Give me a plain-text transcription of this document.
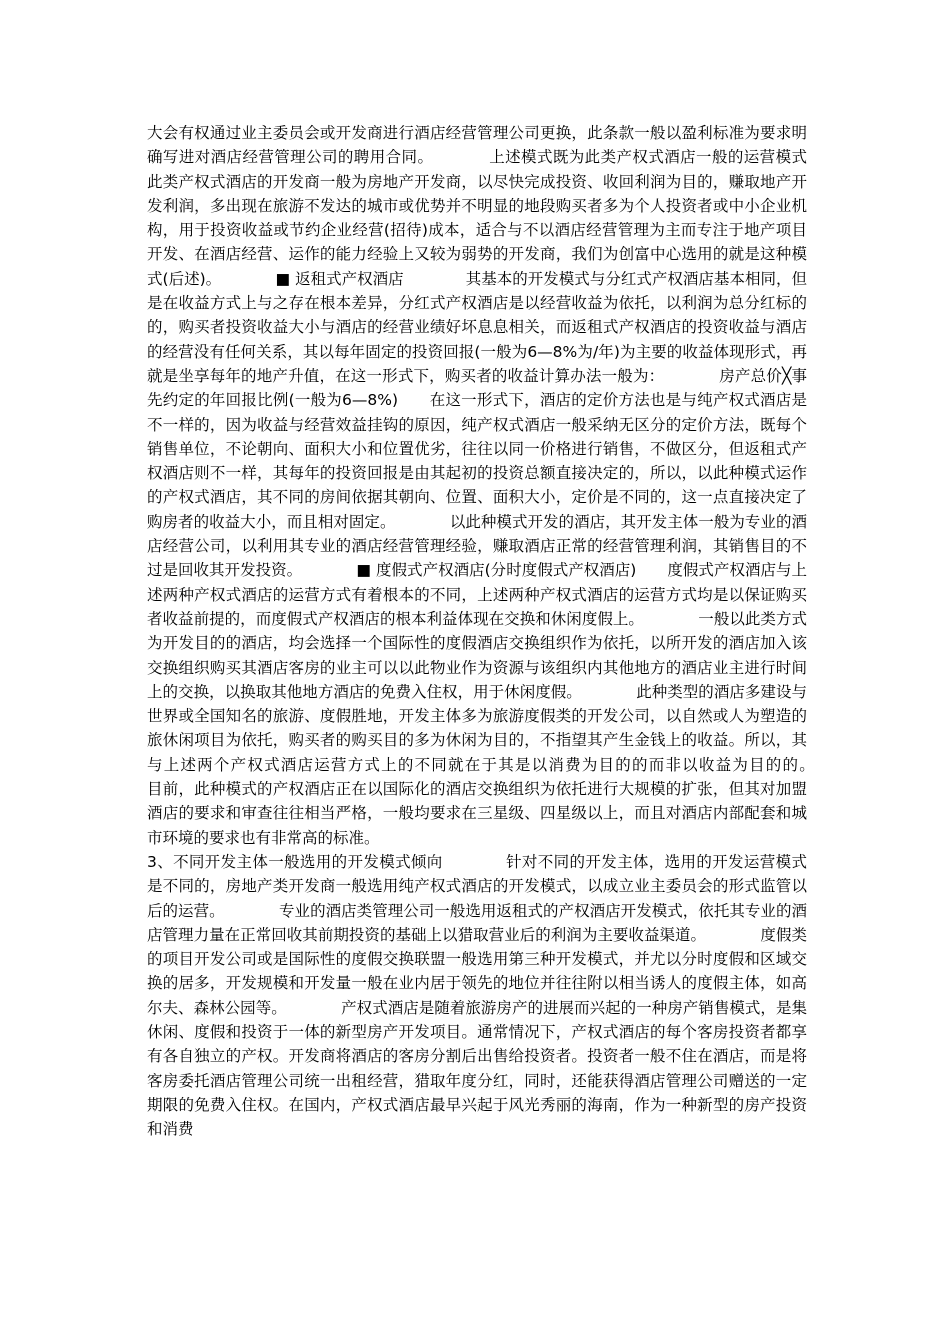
大会有权通过业主委员会或开发商进行酒店经营管理公司更换，此条款一般以盈利标准为要求明确写进对酒店经营管理公司的聘用合同。　　　　上述模式既为此类产权式酒店一般的运营模式　　　　此类产权式酒店的开发商一般为房地产开发商，以尽快完成投资、收回利润为目的，赚取地产开发利润，多出现在旅游不发达的城市或优势并不明显的地段购买者多为个人投资者或中小企业机构，用于投资收益或节约企业经营(招待)成本，适合与不以酒店经营管理为主而专注于地产项目开发、在酒店经营、运作的能力经验上又较为弱势的开发商，我们为创富中心选用的就是这种模式(后述)。　　　　■ 返租式产权酒店　　　　其基本的开发模式与分红式产权酒店基本相同，但是在收益方式上与之存在根本差异，分红式产权酒店是以经营收益为依托，以利润为总分红标的的，购买者投资收益大小与酒店的经营业绩好坏息息相关，而返租式产权酒店的投资收益与酒店的经营没有任何关系，其以每年固定的投资回报(一般为6—8%为/年)为主要的收益体现形式，再就是坐享每年的地产升值，在这一形式下，购买者的收益计算办法一般为：　　　　房产总价╳事先约定的年回报比例(一般为6—8%)　　在这一形式下，酒店的定价方法也是与纯产权式酒店是不一样的，因为收益与经营效益挂钩的原因，纯产权式酒店一般采纳无区分的定价方法，既每个销售单位，不论朝向、面积大小和位置优劣，往往以同一价格进行销售，不做区分，但返租式产权酒店则不一样，其每年的投资回报是由其起初的投资总额直接决定的，所以，以此种模式运作的产权式酒店，其不同的房间依据其朝向、位置、面积大小，定价是不同的，这一点直接决定了购房者的收益大小，而且相对固定。　　　　以此种模式开发的酒店，其开发主体一般为专业的酒店经营公司，以利用其专业的酒店经营管理经验，赚取酒店正常的经营管理利润，其销售目的不过是回收其开发投资。　　　　■ 度假式产权酒店(分时度假式产权酒店)　　度假式产权酒店与上述两种产权式酒店的运营方式有着根本的不同，上述两种产权式酒店的运营方式均是以保证购买者收益前提的，而度假式产权酒店的根本利益体现在交换和休闲度假上。　　　　一般以此类方式为开发目的的酒店，均会选择一个国际性的度假酒店交换组织作为依托，以所开发的酒店加入该交换组织购买其酒店客房的业主可以以此物业作为资源与该组织内其他地方的酒店业主进行时间上的交换，以换取其他地方酒店的免费入住权，用于休闲度假。　　　　此种类型的酒店多建设与世界或全国知名的旅游、度假胜地，开发主体多为旅游度假类的开发公司，以自然或人为塑造的旅休闲项目为依托，购买者的购买目的多为休闲为目的，不指望其产生金钱上的收益。所以，其与上述两个产权式酒店运营方式上的不同就在于其是以消费为目的的而非以收益为目的的。　　　　目前，此种模式的产权酒店正在以国际化的酒店交换组织为依托进行大规模的扩张，但其对加盟酒店的要求和审查往往相当严格，一般均要求在三星级、四星级以上，而且对酒店内部配套和城市环境的要求也有非常高的标准。

3、不同开发主体一般选用的开发模式倾向　　　　针对不同的开发主体，选用的开发运营模式是不同的，房地产类开发商一般选用纯产权式酒店的开发模式，以成立业主委员会的形式监管以后的运营。　　　　专业的酒店类管理公司一般选用返租式的产权酒店开发模式，依托其专业的酒店管理力量在正常回收其前期投资的基础上以猎取营业后的利润为主要收益渠道。　　　　度假类的项目开发公司或是国际性的度假交换联盟一般选用第三种开发模式，并尤以分时度假和区域交换的居多，开发规模和开发量一般在业内居于领先的地位并往往附以相当诱人的度假主体，如高尔夫、森林公园等。　　　　产权式酒店是随着旅游房产的进展而兴起的一种房产销售模式，是集休闲、度假和投资于一体的新型房产开发项目。通常情况下，产权式酒店的每个客房投资者都享有各自独立的产权。开发商将酒店的客房分割后出售给投资者。投资者一般不住在酒店，而是将客房委托酒店管理公司统一出租经营，猎取年度分红，同时，还能获得酒店管理公司赠送的一定期限的免费入住权。在国内，产权式酒店最早兴起于风光秀丽的海南，作为一种新型的房产投资和消费
